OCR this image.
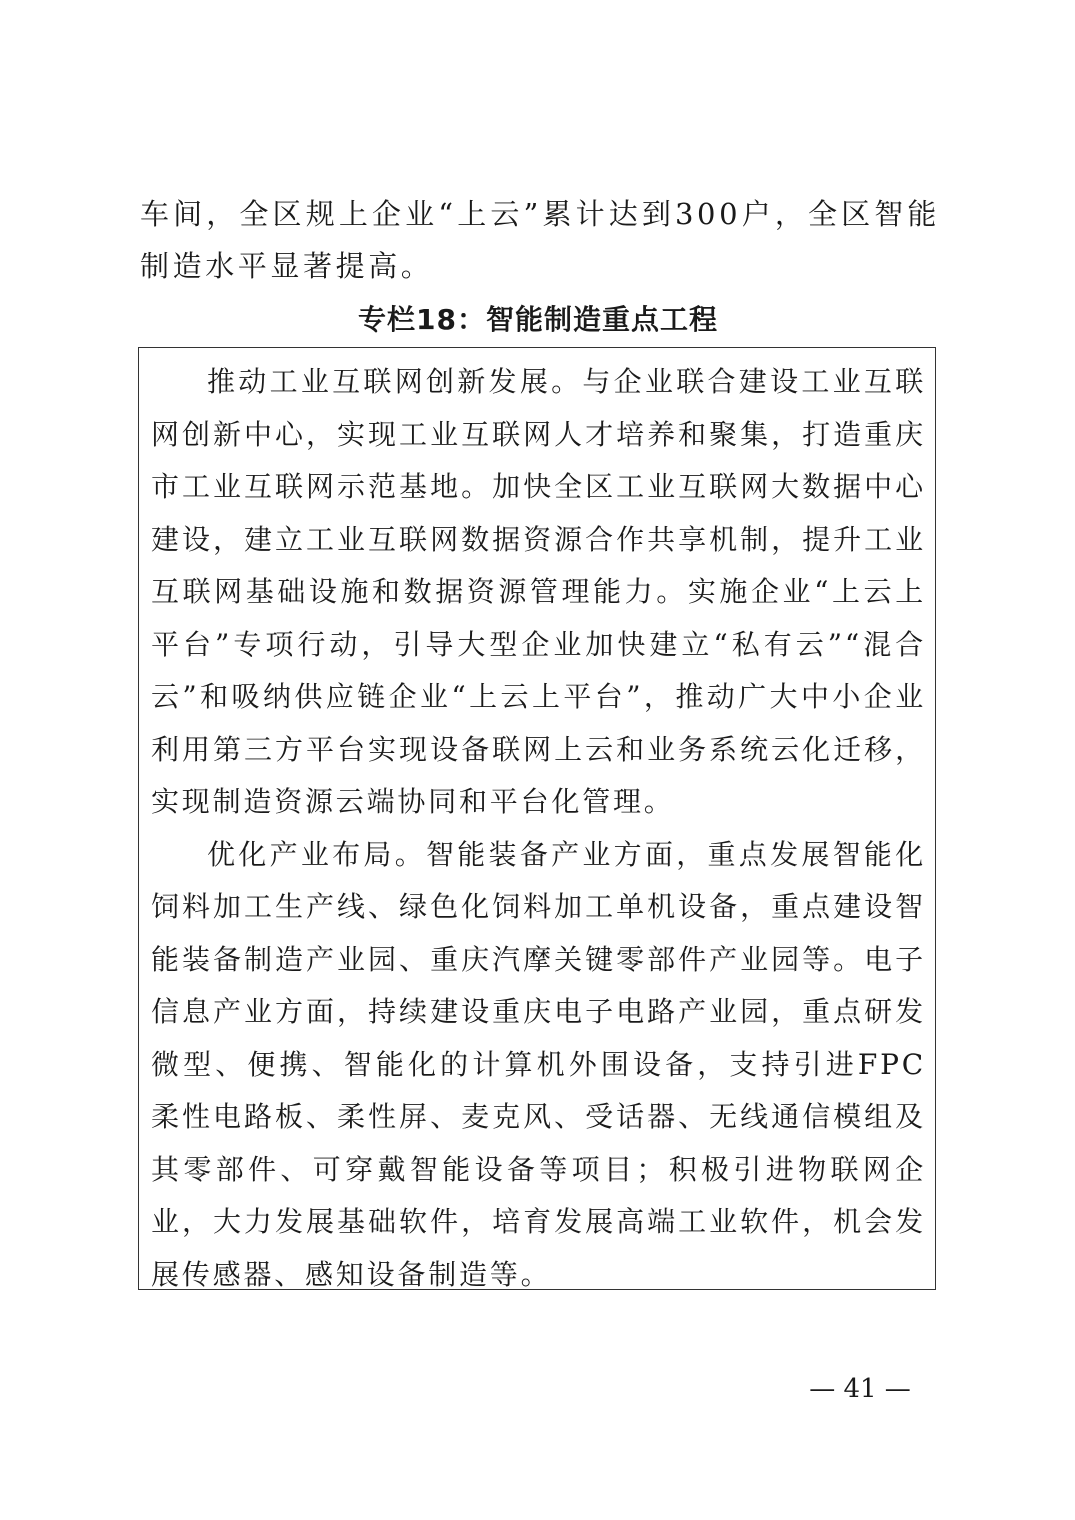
车间，全区规上企业“上云”累计达到300户，全区智能制造水平显著提高。

专栏18：智能制造重点工程

推动工业互联网创新发展。与企业联合建设工业互联网创新中心，实现工业互联网人才培养和聚集，打造重庆市工业互联网示范基地。加快全区工业互联网大数据中心建设，建立工业互联网数据资源合作共享机制，提升工业互联网基础设施和数据资源管理能力。实施企业“上云上平台”专项行动，引导大型企业加快建立“私有云”“混合云”和吸纳供应链企业“上云上平台”，推动广大中小企业利用第三方平台实现设备联网上云和业务系统云化迁移，实现制造资源云端协同和平台化管理。

优化产业布局。智能装备产业方面，重点发展智能化饲料加工生产线、绿色化饲料加工单机设备，重点建设智能装备制造产业园、重庆汽摩关键零部件产业园等。电子信息产业方面，持续建设重庆电子电路产业园，重点研发微型、便携、智能化的计算机外围设备，支持引进FPC柔性电路板、柔性屏、麦克风、受话器、无线通信模组及其零部件、可穿戴智能设备等项目；积极引进物联网企业，大力发展基础软件，培育发展高端工业软件，机会发展传感器、感知设备制造等。

— 41 —
